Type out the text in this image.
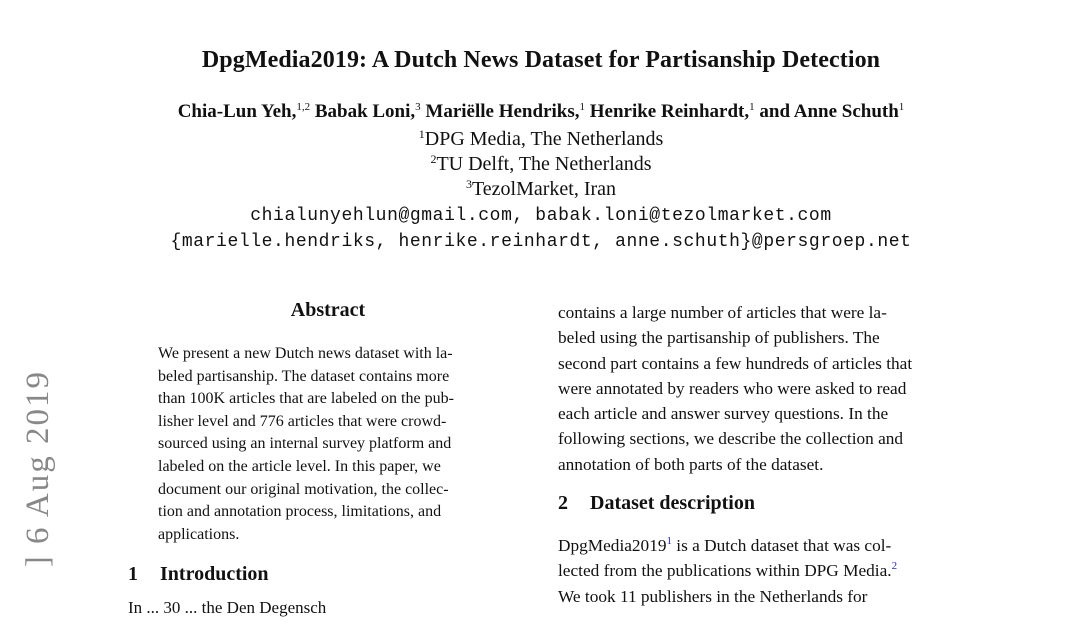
DpgMedia2019: A Dutch News Dataset for Partisanship Detection
Chia-Lun Yeh,$^{1,2}$ Babak Loni,$^3$ Mariëlle Hendriks,$^1$ Henrike Reinhardt,$^1$ and Anne Schuth$^1$
$^1$DPG Media, The Netherlands
$^2$TU Delft, The Netherlands
$^3$TezolMarket, Iran
chialunyehlun@gmail.com, babak.loni@tezolmarket.com
{marielle.hendriks, henrike.reinhardt, anne.schuth}@persgroep.net
Abstract
We present a new Dutch news dataset with la-
beled partisanship. The dataset contains more
than 100K articles that are labeled on the pub-
lisher level and 776 articles that were crowd-
sourced using an internal survey platform and
labeled on the article level. In this paper, we
document our original motivation, the collec-
tion and annotation process, limitations, and
applications.
1 Introduction
In ... 30 ... the Den Degensch
contains a large number of articles that were la-
beled using the partisanship of publishers. The
second part contains a few hundreds of articles that
were annotated by readers who were asked to read
each article and answer survey questions. In the
following sections, we describe the collection and
annotation of both parts of the dataset.
2 Dataset description
DpgMedia2019$^1$ is a Dutch dataset that was col-
lected from the publications within DPG Media.$^2$
We took 11 publishers in the Netherlands for
] 6 Aug 2019
